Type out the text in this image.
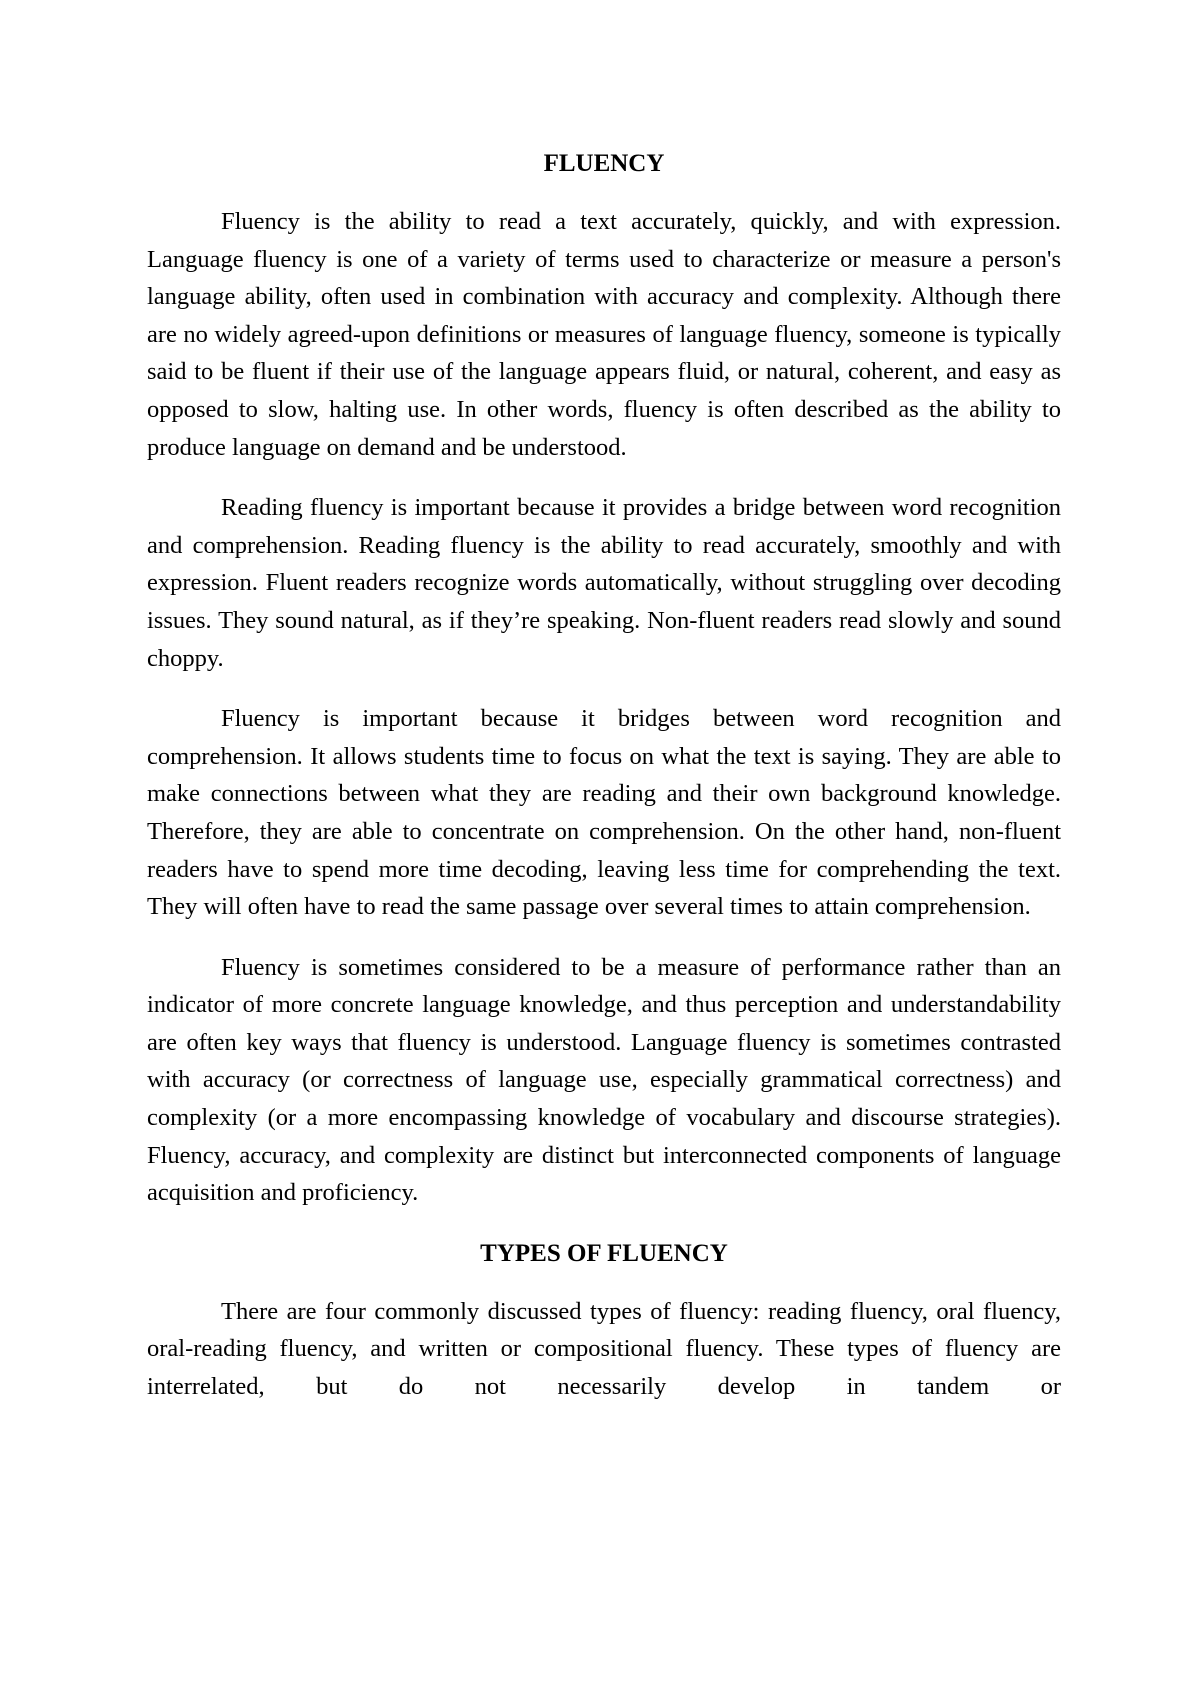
FLUENCY

Fluency is the ability to read a text accurately, quickly, and with expression. Language fluency is one of a variety of terms used to characterize or measure a person's language ability, often used in combination with accuracy and complexity. Although there are no widely agreed-upon definitions or measures of language fluency, someone is typically said to be fluent if their use of the language appears fluid, or natural, coherent, and easy as opposed to slow, halting use. In other words, fluency is often described as the ability to produce language on demand and be understood.

Reading fluency is important because it provides a bridge between word recognition and comprehension. Reading fluency is the ability to read accurately, smoothly and with expression. Fluent readers recognize words automatically, without struggling over decoding issues. They sound natural, as if they’re speaking. Non-fluent readers read slowly and sound choppy.

Fluency is important because it bridges between word recognition and comprehension. It allows students time to focus on what the text is saying. They are able to make connections between what they are reading and their own background knowledge. Therefore, they are able to concentrate on comprehension. On the other hand, non-fluent readers have to spend more time decoding, leaving less time for comprehending the text. They will often have to read the same passage over several times to attain comprehension.

Fluency is sometimes considered to be a measure of performance rather than an indicator of more concrete language knowledge, and thus perception and understandability are often key ways that fluency is understood. Language fluency is sometimes contrasted with accuracy (or correctness of language use, especially grammatical correctness) and complexity (or a more encompassing knowledge of vocabulary and discourse strategies). Fluency, accuracy, and complexity are distinct but interconnected components of language acquisition and proficiency.

TYPES OF FLUENCY

There are four commonly discussed types of fluency: reading fluency, oral fluency, oral-reading fluency, and written or compositional fluency. These types of fluency are interrelated, but do not necessarily develop in tandem or
